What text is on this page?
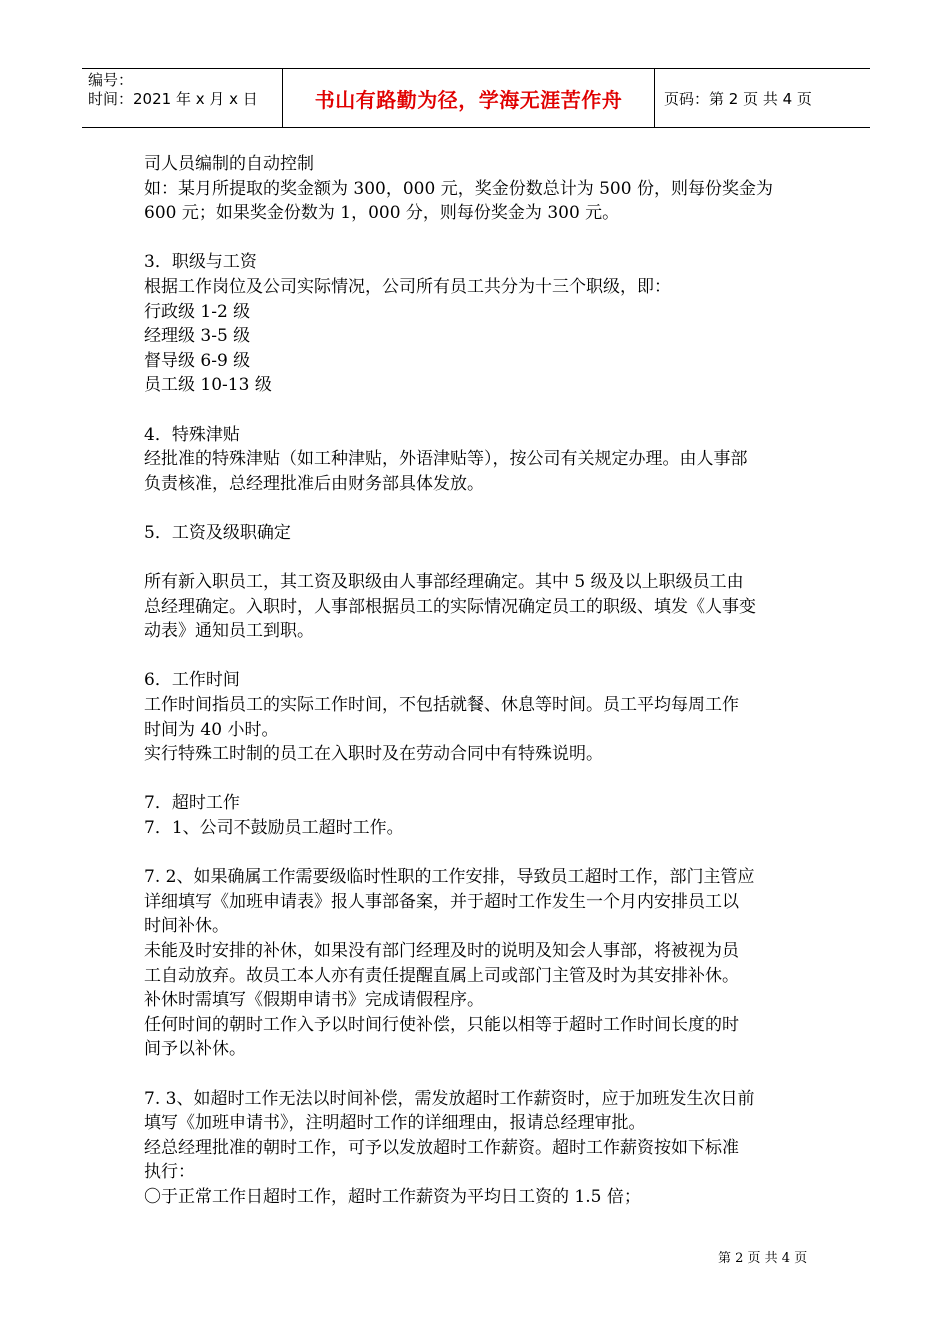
编号：
时间：2021 年 x 月 x 日	书山有路勤为径，学海无涯苦作舟	页码：第 2 页 共 4 页
司人员编制的自动控制
如：某月所提取的奖金额为 300，000 元，奖金份数总计为 500 份，则每份奖金为
600 元；如果奖金份数为 1，000 分，则每份奖金为 300 元。
3．职级与工资
根据工作岗位及公司实际情况，公司所有员工共分为十三个职级，即：
行政级 1-2 级
经理级 3-5 级
督导级 6-9 级
员工级 10-13 级
4．特殊津贴
经批准的特殊津贴（如工种津贴，外语津贴等），按公司有关规定办理。由人事部
负责核准，总经理批准后由财务部具体发放。
5．工资及级职确定
所有新入职员工，其工资及职级由人事部经理确定。其中 5 级及以上职级员工由
总经理确定。入职时，人事部根据员工的实际情况确定员工的职级、填发《人事变
动表》通知员工到职。
6．工作时间
工作时间指员工的实际工作时间，不包括就餐、休息等时间。员工平均每周工作
时间为 40 小时。
实行特殊工时制的员工在入职时及在劳动合同中有特殊说明。
7．超时工作
7．1、公司不鼓励员工超时工作。
7. 2、如果确属工作需要级临时性职的工作安排，导致员工超时工作，部门主管应
详细填写《加班申请表》报人事部备案，并于超时工作发生一个月内安排员工以
时间补休。
未能及时安排的补休，如果没有部门经理及时的说明及知会人事部，将被视为员
工自动放弃。故员工本人亦有责任提醒直属上司或部门主管及时为其安排补休。
补休时需填写《假期申请书》完成请假程序。
任何时间的朝时工作入予以时间行使补偿，只能以相等于超时工作时间长度的时
间予以补休。
7. 3、如超时工作无法以时间补偿，需发放超时工作薪资时，应于加班发生次日前
填写《加班申请书》，注明超时工作的详细理由，报请总经理审批。
经总经理批准的朝时工作，可予以发放超时工作薪资。超时工作薪资按如下标准
执行：
〇于正常工作日超时工作，超时工作薪资为平均日工资的 1.5 倍；
第 2 页 共 4 页
